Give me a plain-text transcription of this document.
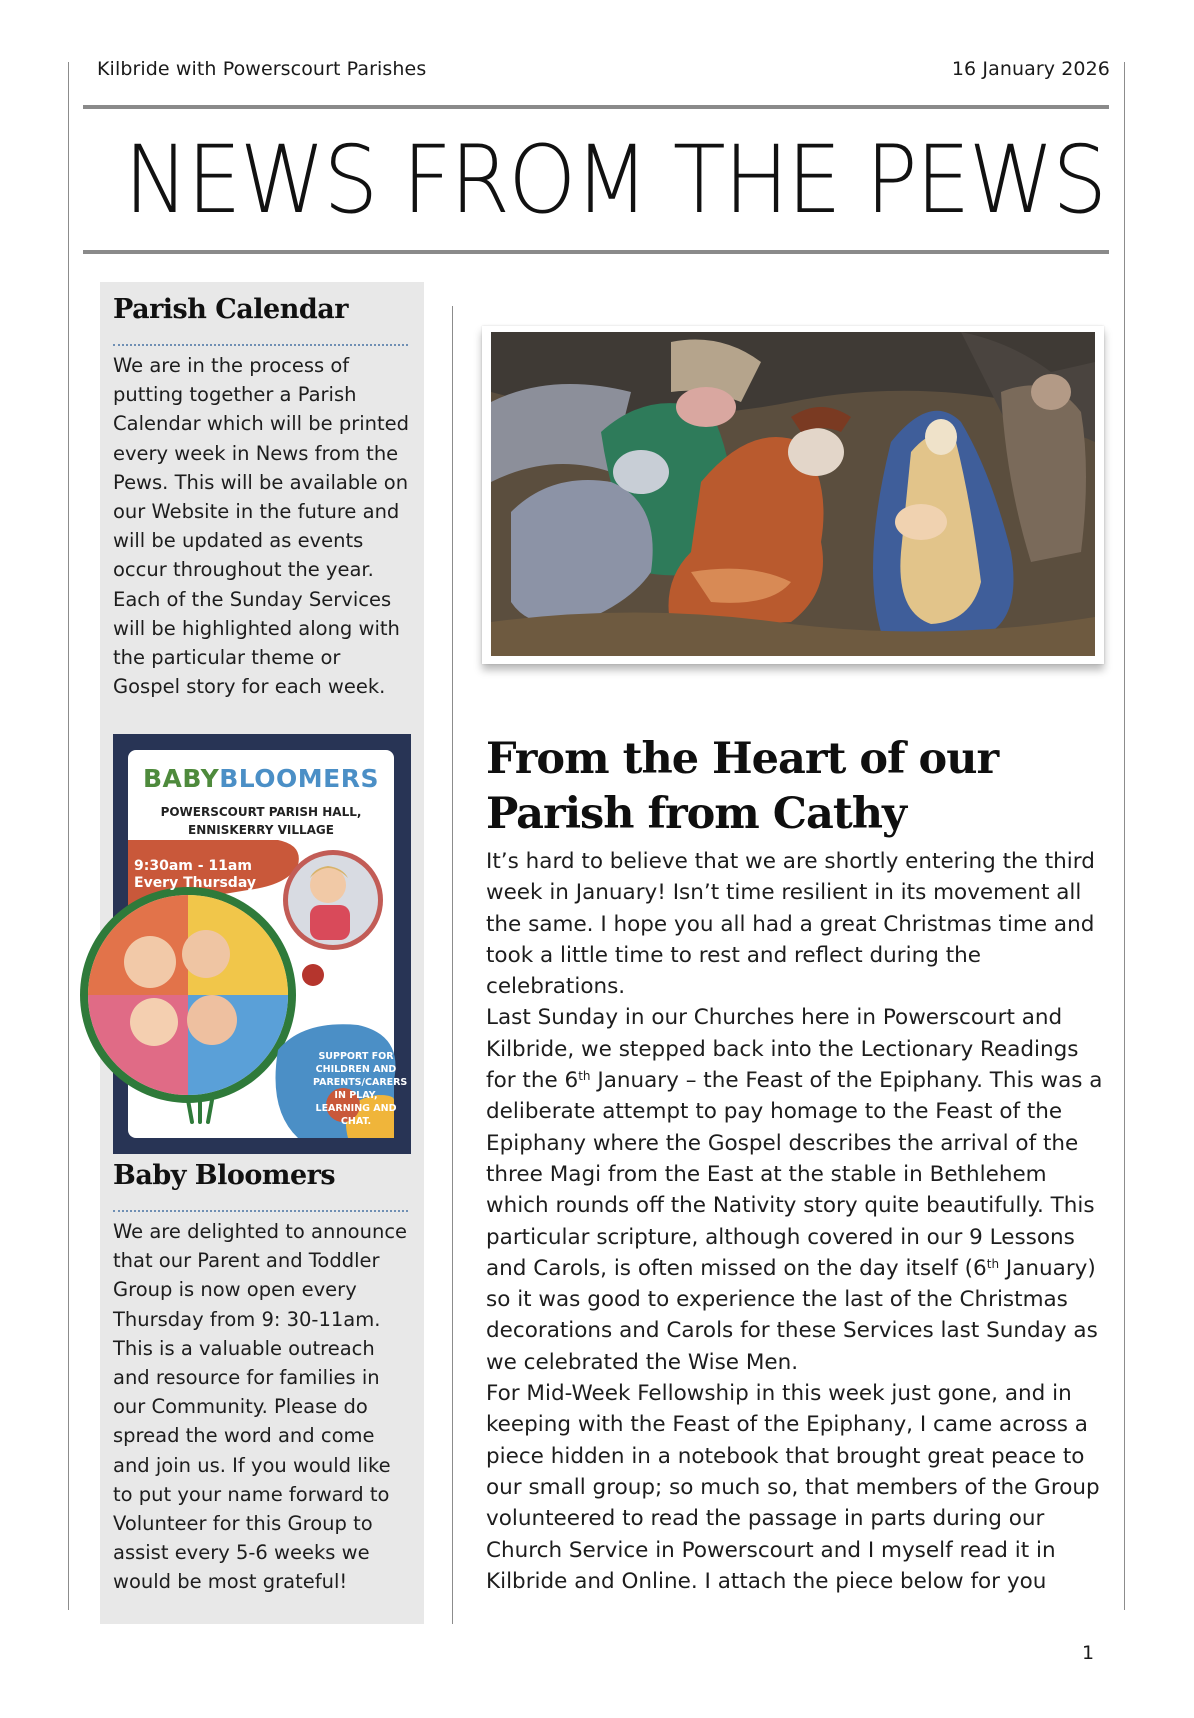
Kilbride with Powerscourt Parishes	16 January 2026
NEWS FROM THE PEWS
Parish Calendar
We are in the process of putting together a Parish Calendar which will be printed every week in News from the Pews. This will be available on our Website in the future and will be updated as events occur throughout the year. Each of the Sunday Services will be highlighted along with the particular theme or Gospel story for each week.
BABYBLOOMERS
POWERSCOURT PARISH HALL,
ENNISKERRY VILLAGE
9:30am - 11am
Every Thursday
SUPPORT FOR CHILDREN AND PARENTS/CARERS IN PLAY, LEARNING AND CHAT.
Baby Bloomers
We are delighted to announce that our Parent and Toddler Group is now open every Thursday from 9: 30-11am. This is a valuable outreach and resource for families in our Community. Please do spread the word and come and join us. If you would like to put your name forward to Volunteer for this Group to assist every 5-6 weeks we would be most grateful!
From the Heart of our Parish from Cathy

It’s hard to believe that we are shortly entering the third week in January! Isn’t time resilient in its movement all the same. I hope you all had a great Christmas time and took a little time to rest and reflect during the celebrations.

Last Sunday in our Churches here in Powerscourt and Kilbride, we stepped back into the Lectionary Readings for the 6th January – the Feast of the Epiphany. This was a deliberate attempt to pay homage to the Feast of the Epiphany where the Gospel describes the arrival of the three Magi from the East at the stable in Bethlehem which rounds off the Nativity story quite beautifully. This particular scripture, although covered in our 9 Lessons and Carols, is often missed on the day itself (6th January) so it was good to experience the last of the Christmas decorations and Carols for these Services last Sunday as we celebrated the Wise Men.

For Mid-Week Fellowship in this week just gone, and in keeping with the Feast of the Epiphany, I came across a piece hidden in a notebook that brought great peace to our small group; so much so, that members of the Group volunteered to read the passage in parts during our Church Service in Powerscourt and I myself read it in Kilbride and Online. I attach the piece below for you

1
